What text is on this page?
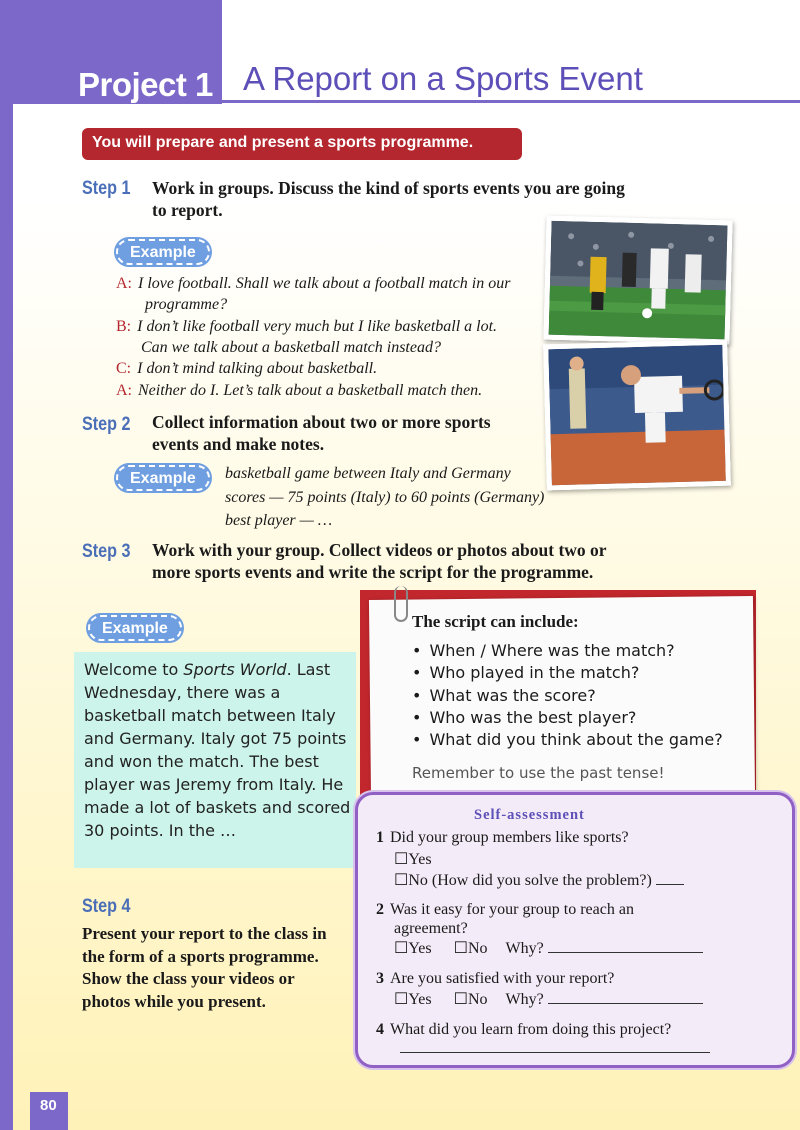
Project 1 A Report on a Sports Event
You will prepare and present a sports programme.
Step 1 Work in groups. Discuss the kind of sports events you are going
to report.
Example
A: I love football. Shall we talk about a football match in our
programme?
B: I don’t like football very much but I like basketball a lot.
Can we talk about a basketball match instead?
C: I don’t mind talking about basketball.
A: Neither do I. Let’s talk about a basketball match then.
Step 2 Collect information about two or more sports
events and make notes.
Example	basketball game between Italy and Germany
scores — 75 points (Italy) to 60 points (Germany)
best player — …
Step 3 Work with your group. Collect videos or photos about two or
more sports events and write the script for the programme.
Example
Welcome to Sports World. Last Wednesday, there was a basketball match between Italy and Germany. Italy got 75 points and won the match. The best player was Jeremy from Italy. He made a lot of baskets and scored 30 points. In the …
Step 4
Present your report to the class in the form of a sports programme. Show the class your videos or photos while you present.
The script can include:
• When / Where was the match?
• Who played in the match?
• What was the score?
• Who was the best player?
• What did you think about the game?
Remember to use the past tense!
Self-assessment
1 Did your group members like sports?
☐Yes
☐No (How did you solve the problem?)
2 Was it easy for your group to reach an
agreement?
☐Yes ☐No Why?
3 Are you satisfied with your report?
☐Yes ☐No Why?
4 What did you learn from doing this project?
80
